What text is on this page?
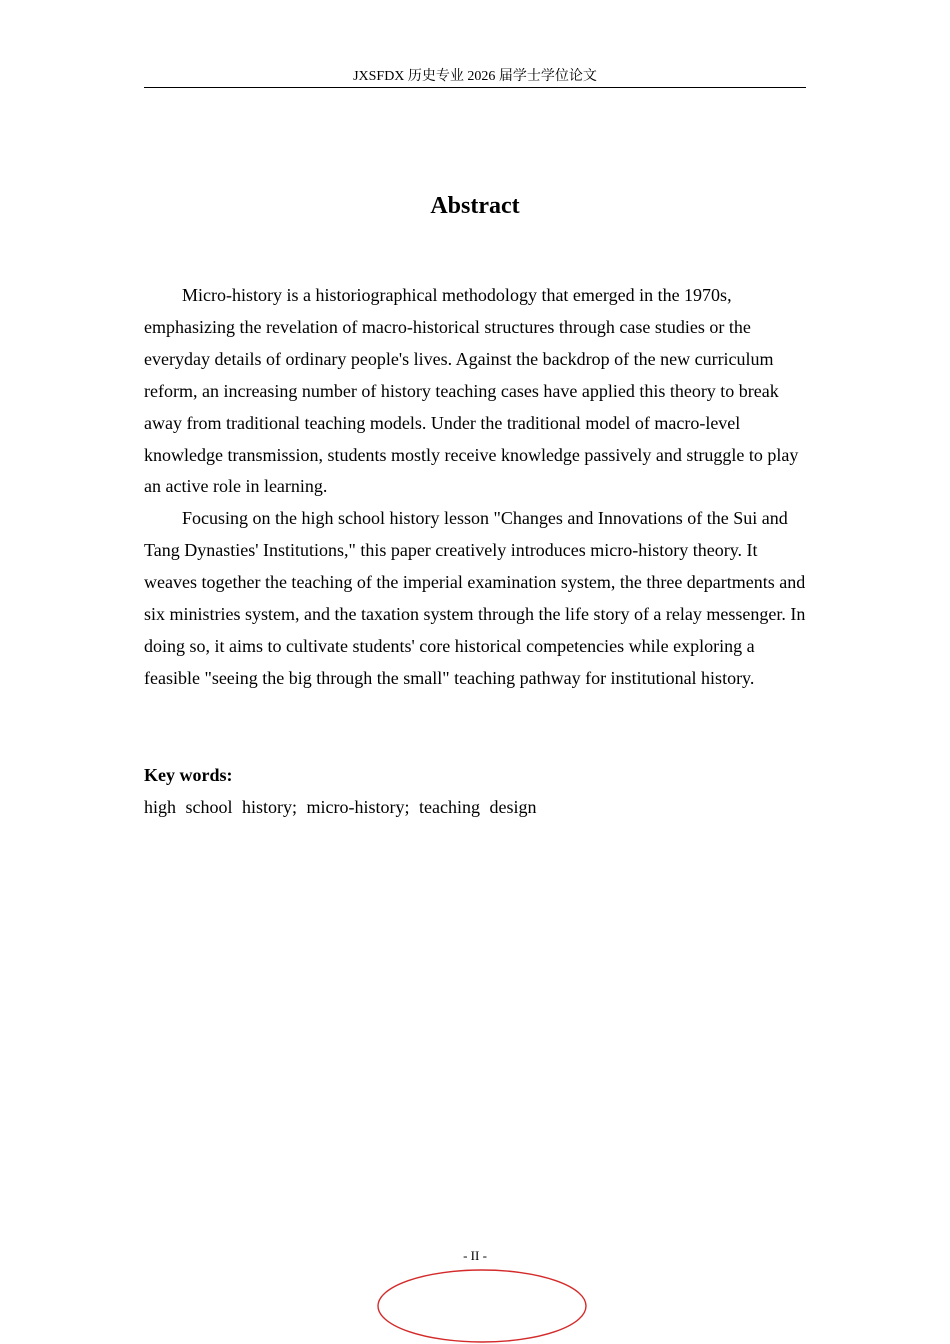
JXSFDX 历史专业 2026 届学士学位论文
Abstract

Micro-history is a historiographical methodology that emerged in the 1970s, emphasizing the revelation of macro-historical structures through case studies or the everyday details of ordinary people's lives. Against the backdrop of the new curriculum reform, an increasing number of history teaching cases have applied this theory to break away from traditional teaching models. Under the traditional model of macro-level knowledge transmission, students mostly receive knowledge passively and struggle to play an active role in learning.

Focusing on the high school history lesson "Changes and Innovations of the Sui and Tang Dynasties' Institutions," this paper creatively introduces micro-history theory. It weaves together the teaching of the imperial examination system, the three departments and six ministries system, and the taxation system through the life story of a relay messenger. In doing so, it aims to cultivate students' core historical competencies while exploring a feasible "seeing the big through the small" teaching pathway for institutional history.

Key words:
high school history; micro-history; teaching design
- II -
